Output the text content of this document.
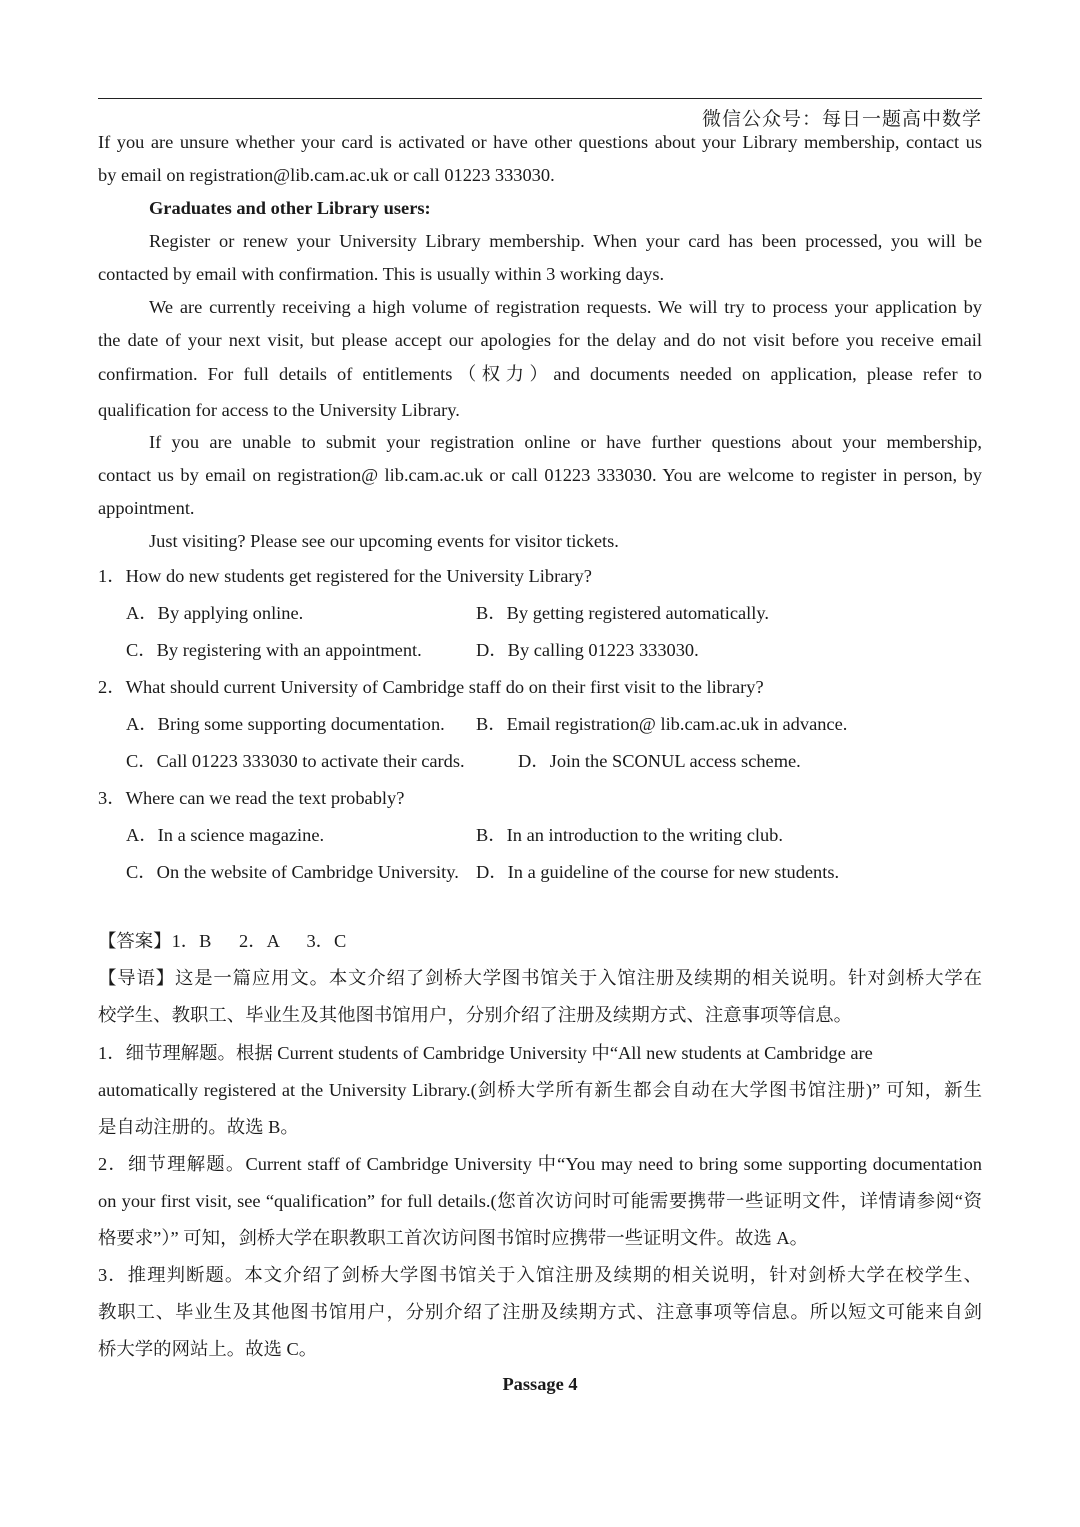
微信公众号：每日一题高中数学
If you are unsure whether your card is activated or have other questions about your Library membership, contact us
by email on registration@lib.cam.ac.uk or call 01223 333030.
Graduates and other Library users:
Register or renew your University Library membership. When your card has been processed, you will be
contacted by email with confirmation. This is usually within 3 working days.
We are currently receiving a high volume of registration requests. We will try to process your application by
the date of your next visit, but please accept our apologies for the delay and do not visit before you receive email
confirmation. For full details of entitlements（权力）and documents needed on application, please refer to
qualification for access to the University Library.
If you are unable to submit your registration online or have further questions about your membership,
contact us by email on registration@ lib.cam.ac.uk or call 01223 333030. You are welcome to register in person, by
appointment.
Just visiting? Please see our upcoming events for visitor tickets.
1．How do new students get registered for the University Library?
A．By applying online.	B．By getting registered automatically.
C．By registering with an appointment.	D．By calling 01223 333030.
2．What should current University of Cambridge staff do on their first visit to the library?
A．Bring some supporting documentation. B．Email registration@ lib.cam.ac.uk in advance.
C．Call 01223 333030 to activate their cards.	D．Join the SCONUL access scheme.
3．Where can we read the text probably?
A．In a science magazine.	B．In an introduction to the writing club.
C．On the website of Cambridge University. D．In a guideline of the course for new students.
【答案】1．B      2．A      3．C
【导语】这是一篇应用文。本文介绍了剑桥大学图书馆关于入馆注册及续期的相关说明。针对剑桥大学在
校学生、教职工、毕业生及其他图书馆用户，分别介绍了注册及续期方式、注意事项等信息。
1．细节理解题。根据 Current students of Cambridge University 中“All new students at Cambridge are
automatically registered at the University Library.(剑桥大学所有新生都会自动在大学图书馆注册)” 可知，新生
是自动注册的。故选 B。
2．细节理解题。Current staff of Cambridge University 中“You may need to bring some supporting documentation
on your first visit, see “qualification” for full details.(您首次访问时可能需要携带一些证明文件，详情请参阅“资
格要求”）” 可知，剑桥大学在职教职工首次访问图书馆时应携带一些证明文件。故选 A。
3．推理判断题。本文介绍了剑桥大学图书馆关于入馆注册及续期的相关说明，针对剑桥大学在校学生、
教职工、毕业生及其他图书馆用户，分别介绍了注册及续期方式、注意事项等信息。所以短文可能来自剑
桥大学的网站上。故选 C。
Passage 4
